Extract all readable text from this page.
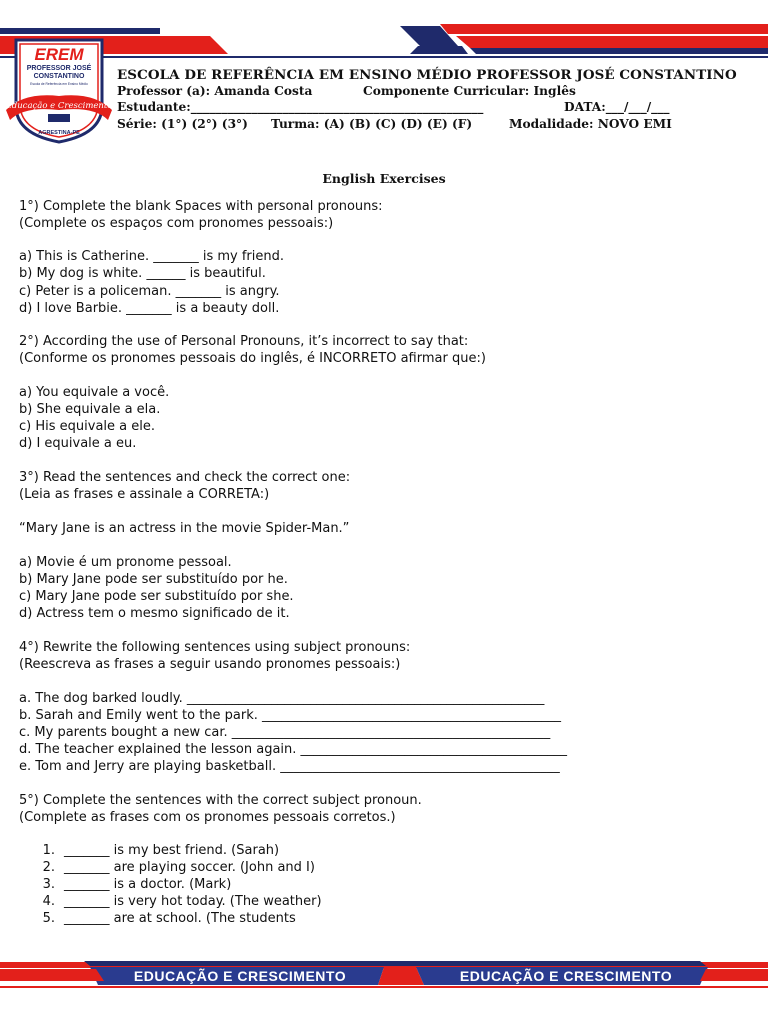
EREM
PROFESSOR JOSÉ
CONSTANTINO
Escola de Referência em Ensino Médio
Educação e Crescimento
AGRESTINA-PE
ESCOLA DE REFERÊNCIA EM ENSINO MÉDIO PROFESSOR JOSÉ CONSTANTINO
Professor (a): Amanda Costa	Componente Curricular: Inglês
Estudante:________________________________________________	DATA:___/___/___
Série: (1°) (2°) (3°) Turma: (A) (B) (C) (D) (E) (F)	Modalidade: NOVO EMI
English Exercises
1°) Complete the blank Spaces with personal pronouns:
(Complete os espaços com pronomes pessoais:)
a) This is Catherine. _______ is my friend.
b) My dog is white. ______ is beautiful.
c) Peter is a policeman. _______ is angry.
d) I love Barbie. _______ is a beauty doll.
2°) According the use of Personal Pronouns, it’s incorrect to say that:
(Conforme os pronomes pessoais do inglês, é INCORRETO afirmar que:)
a) You equivale a você.
b) She equivale a ela.
c) His equivale a ele.
d) I equivale a eu.
3°) Read the sentences and check the correct one:
(Leia as frases e assinale a CORRETA:)
“Mary Jane is an actress in the movie Spider-Man.”
a) Movie é um pronome pessoal.
b) Mary Jane pode ser substituído por he.
c) Mary Jane pode ser substituído por she.
d) Actress tem o mesmo significado de it.
4°) Rewrite the following sentences using subject pronouns:
(Reescreva as frases a seguir usando pronomes pessoais:)
a. The dog barked loudly. _______________________________________________________
b. Sarah and Emily went to the park. ______________________________________________
c. My parents bought a new car. _________________________________________________
d. The teacher explained the lesson again. _________________________________________
e. Tom and Jerry are playing basketball. ___________________________________________
5°) Complete the sentences with the correct subject pronoun.
(Complete as frases com os pronomes pessoais corretos.)
1. _______ is my best friend. (Sarah)
2. _______ are playing soccer. (John and I)
3. _______ is a doctor. (Mark)
4. _______ is very hot today. (The weather)
5. _______ are at school. (The students
EDUCAÇÃO E CRESCIMENTO	EDUCAÇÃO E CRESCIMENTO
